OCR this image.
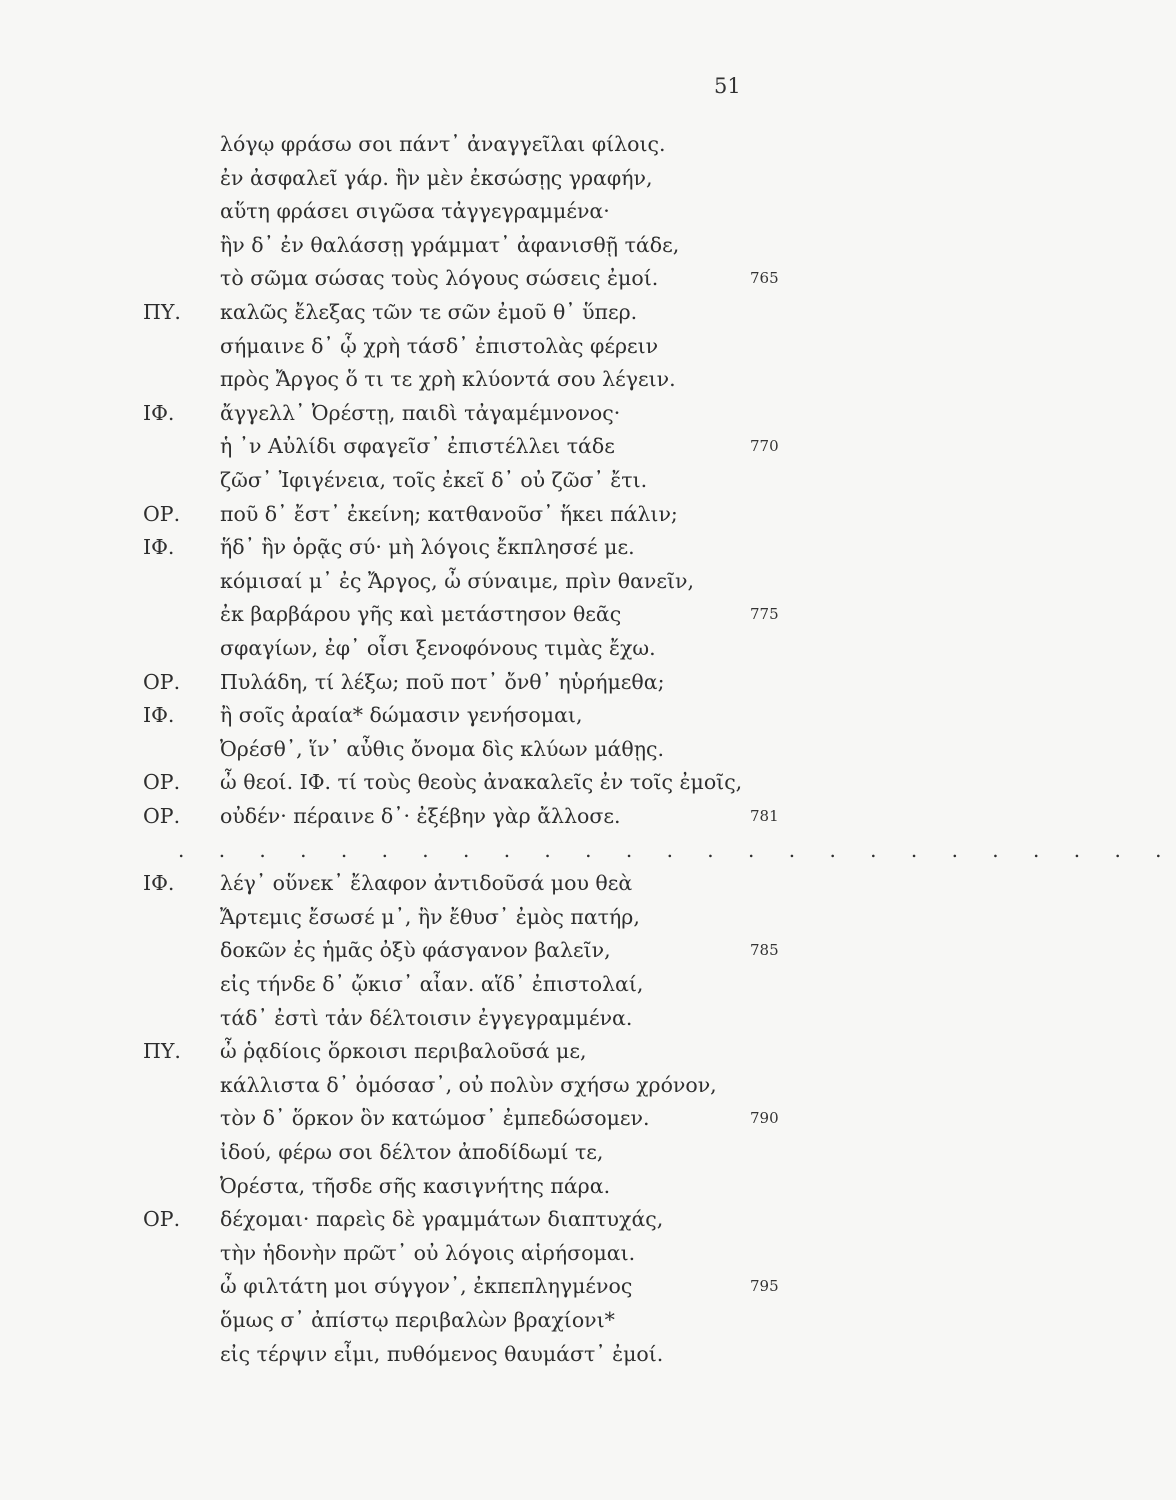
51
λόγῳ φράσω σοι πάντ᾽ ἀναγγεῖλαι φίλοις.
ἐν ἀσφαλεῖ γάρ. ἣν μὲν ἐκσώσῃς γραφήν,
αὕτη φράσει σιγῶσα τἀγγεγραμμένα·
ἢν δ᾽ ἐν θαλάσσῃ γράμματ᾽ ἀφανισθῇ τάδε,
τὸ σῶμα σώσας τοὺς λόγους σώσεις ἐμοί.	765
ΠΥ.	καλῶς ἔλεξας τῶν τε σῶν ἐμοῦ θ᾽ ὕπερ.
σήμαινε δ᾽ ᾧ χρὴ τάσδ᾽ ἐπιστολὰς φέρειν
πρὸς Ἄργος ὅ τι τε χρὴ κλύοντά σου λέγειν.
ΙΦ.	ἄγγελλ᾽ Ὀρέστῃ, παιδὶ τἀγαμέμνονος·
ἡ ᾽ν Αὐλίδι σφαγεῖσ᾽ ἐπιστέλλει τάδε	770
ζῶσ᾽ Ἰφιγένεια, τοῖς ἐκεῖ δ᾽ οὐ ζῶσ᾽ ἔτι.
ΟΡ.	ποῦ δ᾽ ἔστ᾽ ἐκείνη; κατθανοῦσ᾽ ἥκει πάλιν;
ΙΦ.	ἥδ᾽ ἣν ὁρᾷς σύ· μὴ λόγοις ἔκπλησσέ με.
κόμισαί μ᾽ ἐς Ἄργος, ὦ σύναιμε, πρὶν θανεῖν,
ἐκ βαρβάρου γῆς καὶ μετάστησον θεᾶς	775
σφαγίων, ἐφ᾽ οἷσι ξενοφόνους τιμὰς ἔχω.
ΟΡ.	Πυλάδη, τί λέξω; ποῦ ποτ᾽ ὄνθ᾽ ηὑρήμεθα;
ΙΦ.	ἢ σοῖς ἀραία* δώμασιν γενήσομαι,
Ὀρέσθ᾽, ἵν᾽ αὖθις ὄνομα δὶς κλύων μάθῃς.
ΟΡ.	ὦ θεοί. ΙΦ. τί τοὺς θεοὺς ἀνακαλεῖς ἐν τοῖς ἐμοῖς,
ΟΡ.	οὐδέν· πέραινε δ᾽· ἐξέβην γὰρ ἄλλοσε.	781
. . . . . . . . . . . . . . . . . . . . . . . . .
ΙΦ.	λέγ᾽ οὕνεκ᾽ ἔλαφον ἀντιδοῦσά μου θεὰ
Ἄρτεμις ἔσωσέ μ᾽, ἣν ἔθυσ᾽ ἐμὸς πατήρ,
δοκῶν ἐς ἡμᾶς ὀξὺ φάσγανον βαλεῖν,	785
εἰς τήνδε δ᾽ ᾤκισ᾽ αἶαν. αἵδ᾽ ἐπιστολαί,
τάδ᾽ ἐστὶ τἀν δέλτοισιν ἐγγεγραμμένα.
ΠΥ.	ὦ ῥᾳδίοις ὅρκοισι περιβαλοῦσά με,
κάλλιστα δ᾽ ὀμόσασ᾽, οὐ πολὺν σχήσω χρόνον,
τὸν δ᾽ ὅρκον ὃν κατώμοσ᾽ ἐμπεδώσομεν.	790
ἰδού, φέρω σοι δέλτον ἀποδίδωμί τε,
Ὀρέστα, τῆσδε σῆς κασιγνήτης πάρα.
ΟΡ.	δέχομαι· παρεὶς δὲ γραμμάτων διαπτυχάς,
τὴν ἡδονὴν πρῶτ᾽ οὐ λόγοις αἱρήσομαι.
ὦ φιλτάτη μοι σύγγον᾽, ἐκπεπληγμένος	795
ὅμως σ᾽ ἀπίστῳ περιβαλὼν βραχίονι*
εἰς τέρψιν εἶμι, πυθόμενος θαυμάστ᾽ ἐμοί.
